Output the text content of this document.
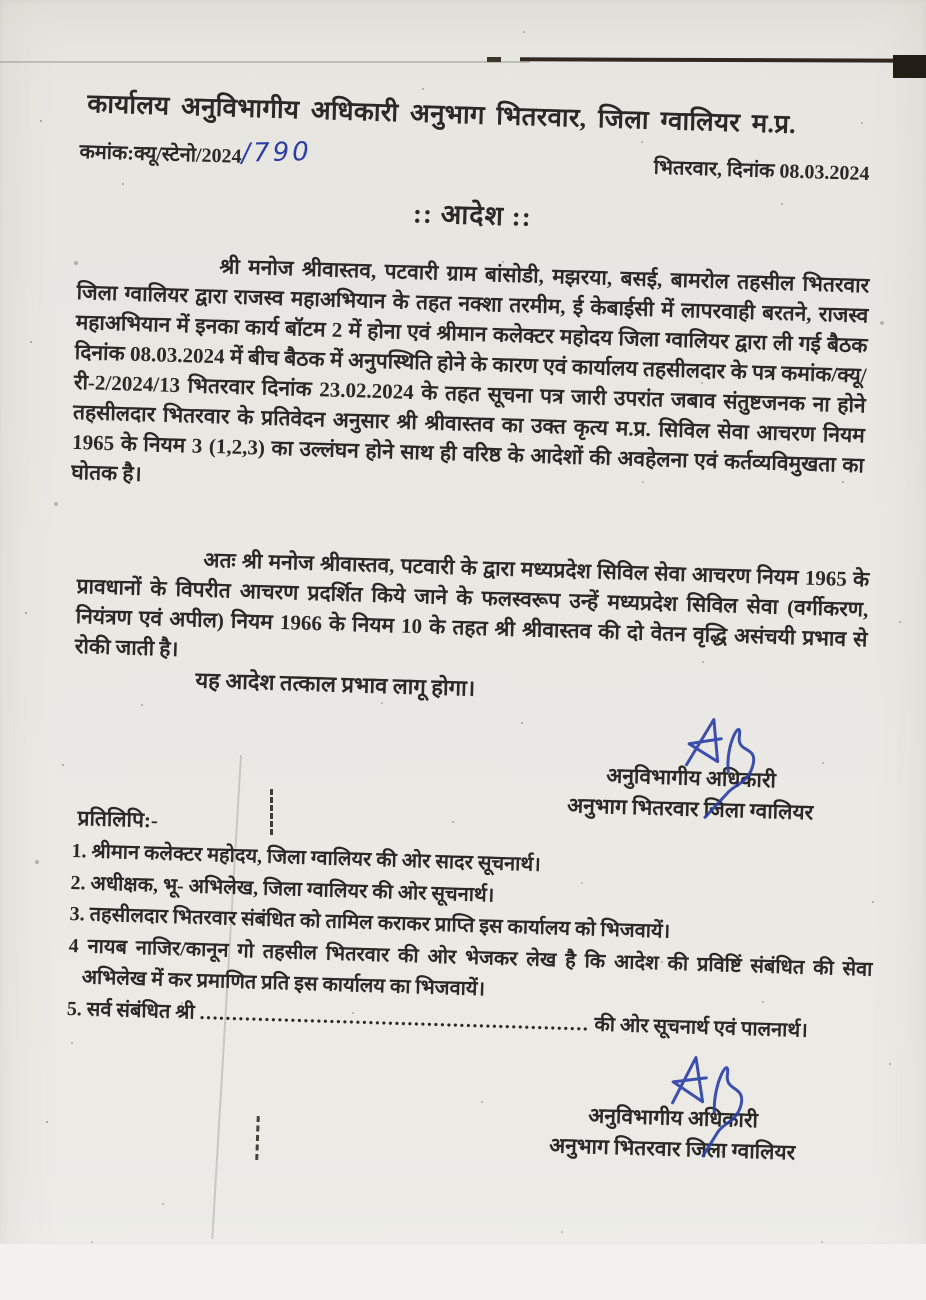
कार्यालय अनुविभागीय अधिकारी अनुभाग भितरवार, जिला ग्वालियर म.प्र.
कमांक:क्यू/स्टेनो/2024/790
भितरवार, दिनांक 08.03.2024
:: आदेश ::
श्री मनोज श्रीवास्तव, पटवारी ग्राम बांसोडी, मझरया, बसई, बामरोल तहसील भितरवार जिला ग्वालियर द्वारा राजस्व महाअभियान के तहत नक्शा तरमीम, ई केबाईसी में लापरवाही बरतने, राजस्व महाअभियान में इनका कार्य बॉटम 2 में होना एवं श्रीमान कलेक्टर महोदय जिला ग्वालियर द्वारा ली गई बैठक दिनांक 08.03.2024 में बीच बैठक में अनुपस्थिति होने के कारण एवं कार्यालय तहसीलदार के पत्र कमांक/क्यू/री-2/2024/13 भितरवार दिनांक 23.02.2024 के तहत सूचना पत्र जारी उपरांत जबाव संतुष्टजनक ना होने तहसीलदार भितरवार के प्रतिवेदन अनुसार श्री श्रीवास्तव का उक्त कृत्य म.प्र. सिविल सेवा आचरण नियम 1965 के नियम 3 (1,2,3) का उल्लंघन होने साथ ही वरिष्ठ के आदेशों की अवहेलना एवं कर्तव्यविमुखता का घोतक है।
अतः श्री मनोज श्रीवास्तव, पटवारी के द्वारा मध्यप्रदेश सिविल सेवा आचरण नियम 1965 के प्रावधानों के विपरीत आचरण प्रदर्शित किये जाने के फलस्वरूप उन्हें मध्यप्रदेश सिविल सेवा (वर्गीकरण, नियंत्रण एवं अपील) नियम 1966 के नियम 10 के तहत श्री श्रीवास्तव की दो वेतन वृद्धि असंचयी प्रभाव से रोकी जाती है।
यह आदेश तत्काल प्रभाव लागू होगा।
अनुविभागीय अधिकारी
अनुभाग भितरवार जिला ग्वालियर
प्रतिलिपि:-
1. श्रीमान कलेक्टर महोदय, जिला ग्वालियर की ओर सादर सूचनार्थ।
2. अधीक्षक, भू- अभिलेख, जिला ग्वालियर की ओर सूचनार्थ।
3. तहसीलदार भितरवार संबंधित को तामिल कराकर प्राप्ति इस कार्यालय को भिजवायें।
4 नायब नाजिर/कानून गो तहसील भितरवार की ओर भेजकर लेख है कि आदेश की प्रविष्टिं संबंधित की सेवा अभिलेख में कर प्रमाणित प्रति इस कार्यालय का भिजवायें।
5. सर्व संबंधित श्री ............................................................ की ओर सूचनार्थ एवं पालनार्थ।
अनुविभागीय अधिकारी
अनुभाग भितरवार जिला ग्वालियर
